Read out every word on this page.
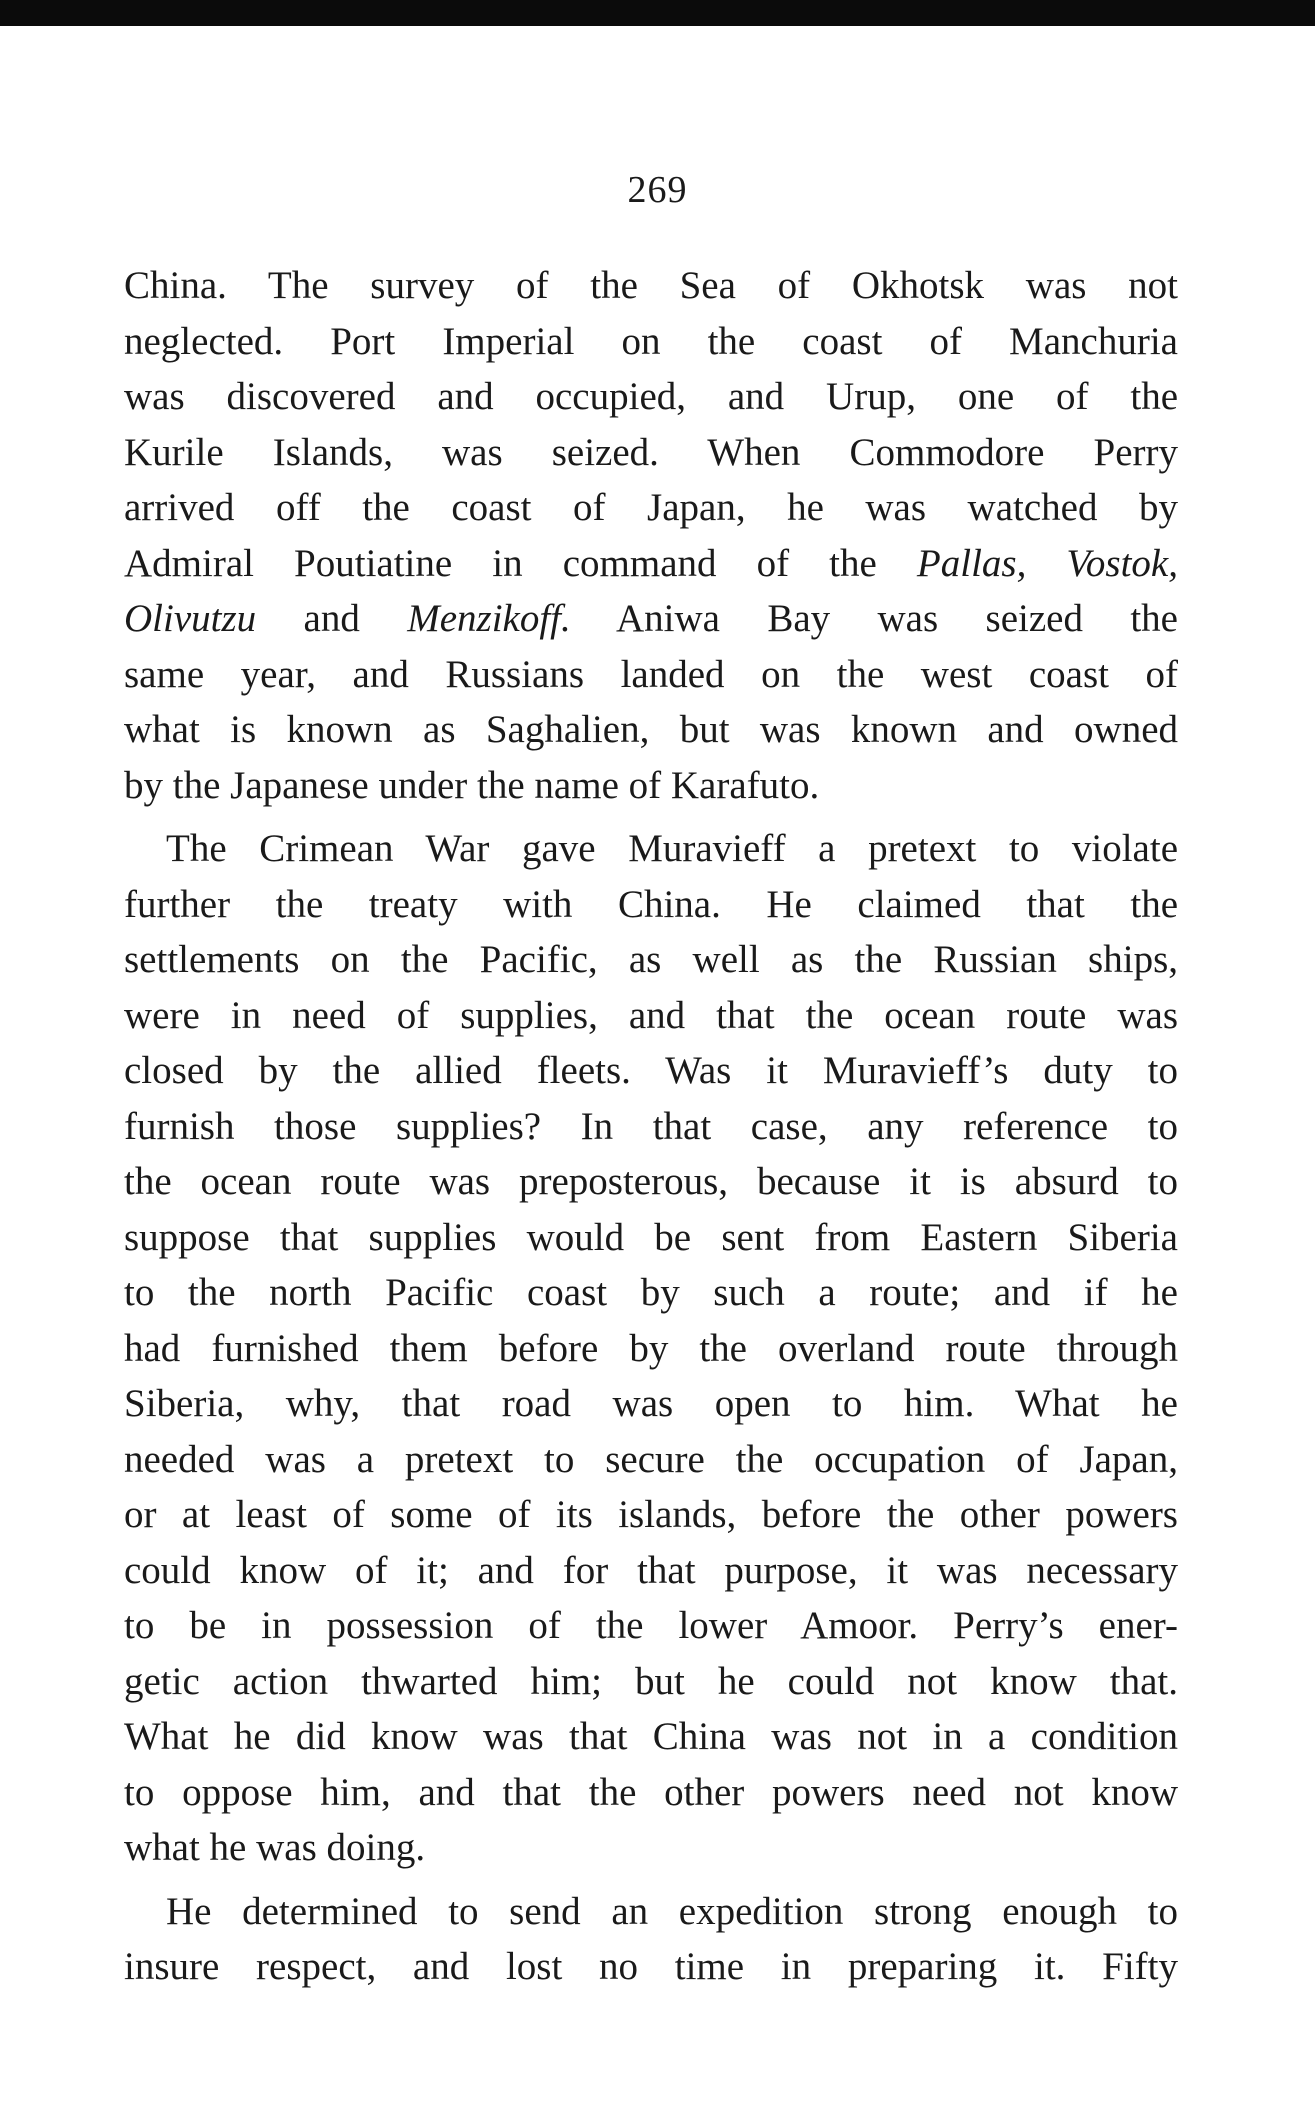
269
China. The survey of the Sea of Okhotsk was not
neglected. Port Imperial on the coast of Manchuria
was discovered and occupied, and Urup, one of the
Kurile Islands, was seized. When Commodore Perry
arrived off the coast of Japan, he was watched by
Admiral Poutiatine in command of the Pallas, Vostok,
Olivutzu and Menzikoff. Aniwa Bay was seized the
same year, and Russians landed on the west coast of
what is known as Saghalien, but was known and owned
by the Japanese under the name of Karafuto.
The Crimean War gave Muravieff a pretext to violate
further the treaty with China. He claimed that the
settlements on the Pacific, as well as the Russian ships,
were in need of supplies, and that the ocean route was
closed by the allied fleets. Was it Muravieff’s duty to
furnish those supplies? In that case, any reference to
the ocean route was preposterous, because it is absurd to
suppose that supplies would be sent from Eastern Siberia
to the north Pacific coast by such a route; and if he
had furnished them before by the overland route through
Siberia, why, that road was open to him. What he
needed was a pretext to secure the occupation of Japan,
or at least of some of its islands, before the other powers
could know of it; and for that purpose, it was necessary
to be in possession of the lower Amoor. Perry’s ener-
getic action thwarted him; but he could not know that.
What he did know was that China was not in a condition
to oppose him, and that the other powers need not know
what he was doing.
He determined to send an expedition strong enough to
insure respect, and lost no time in preparing it. Fifty
